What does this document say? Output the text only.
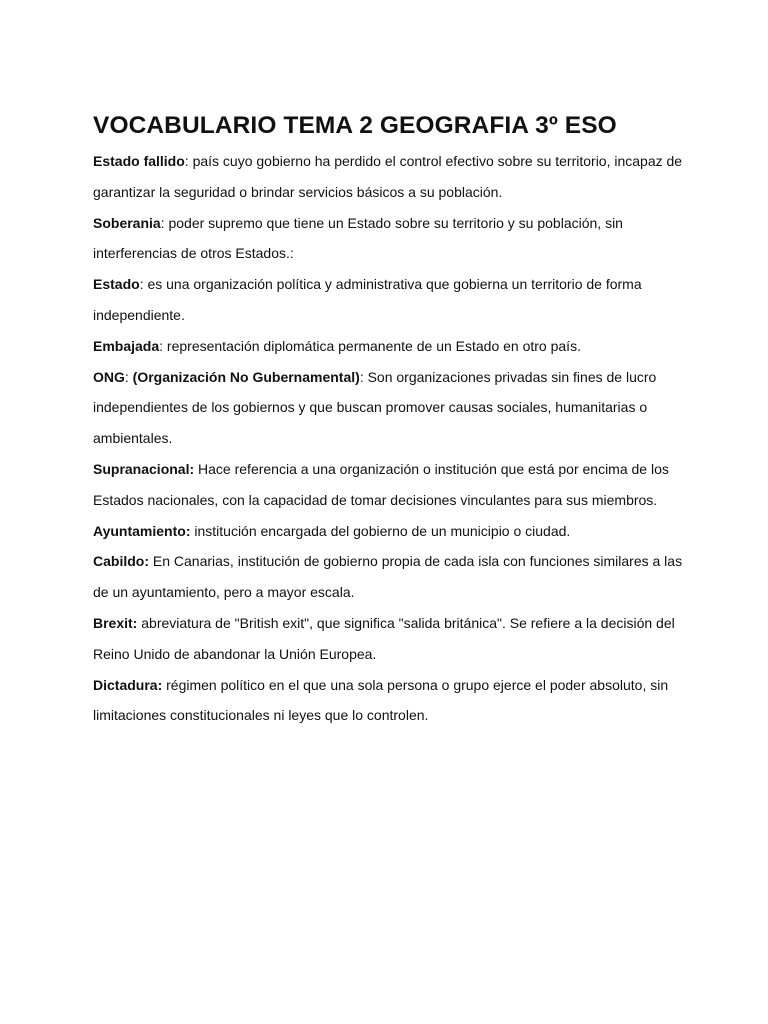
VOCABULARIO TEMA 2 GEOGRAFIA 3º ESO

Estado fallido: país cuyo gobierno ha perdido el control efectivo sobre su territorio, incapaz de garantizar la seguridad o brindar servicios básicos a su población.

Soberania: poder supremo que tiene un Estado sobre su territorio y su población, sin interferencias de otros Estados.:

Estado: es una organización política y administrativa que gobierna un territorio de forma independiente.

Embajada: representación diplomática permanente de un Estado en otro país.

ONG: (Organización No Gubernamental): Son organizaciones privadas sin fines de lucro independientes de los gobiernos y que buscan promover causas sociales, humanitarias o ambientales.

Supranacional: Hace referencia a una organización o institución que está por encima de los Estados nacionales, con la capacidad de tomar decisiones vinculantes para sus miembros.

Ayuntamiento: institución encargada del gobierno de un municipio o ciudad.

Cabildo: En Canarias, institución de gobierno propia de cada isla con funciones similares a las de un ayuntamiento, pero a mayor escala.

Brexit: abreviatura de "British exit", que significa "salida británica". Se refiere a la decisión del Reino Unido de abandonar la Unión Europea.

Dictadura: régimen político en el que una sola persona o grupo ejerce el poder absoluto, sin limitaciones constitucionales ni leyes que lo controlen.
